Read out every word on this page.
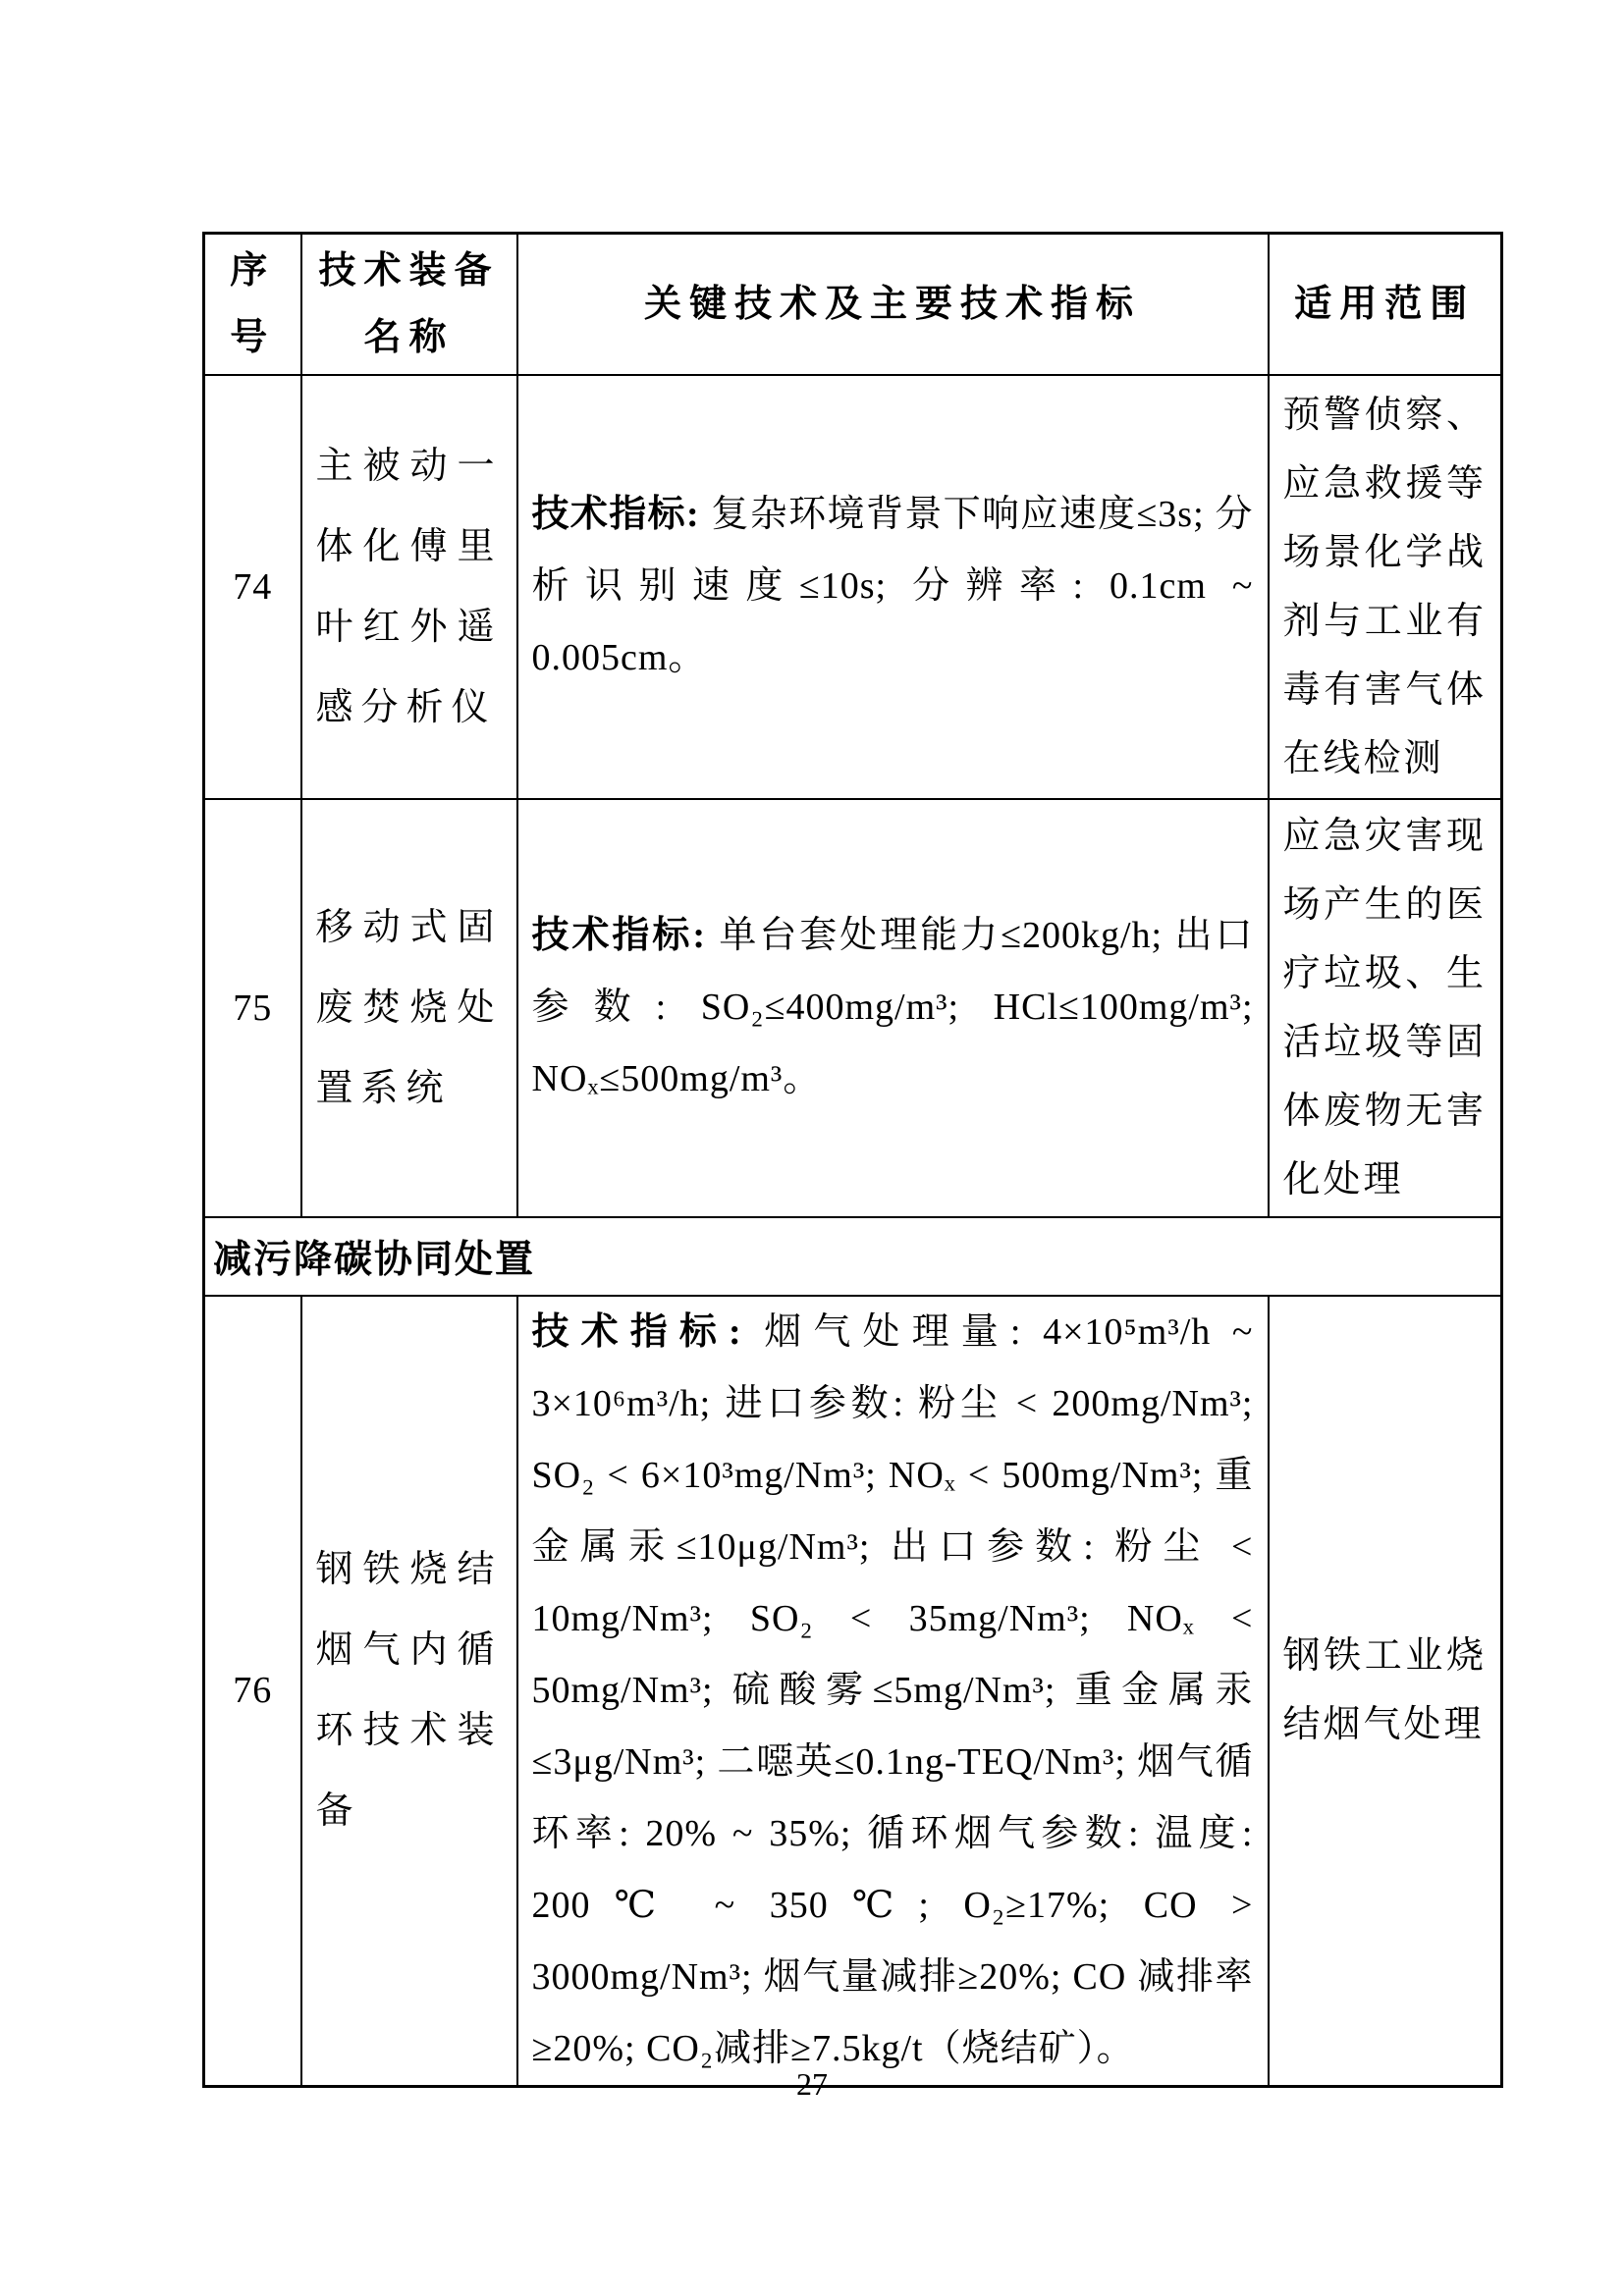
序号	技术装备名称	关键技术及主要技术指标	适用范围

74	主被动一体化傅里叶红外遥感分析仪	技术指标: 复杂环境背景下响应速度≤3s; 分析识别速度≤10s; 分辨率: 0.1cm ~ 0.005cm。	预警侦察、应急救援等场景化学战剂与工业有毒有害气体在线检测

75	移动式固废焚烧处置系统	技术指标: 单台套处理能力≤200kg/h; 出口参数: SO₂≤400mg/m³; HCl≤100mg/m³; NOₓ≤500mg/m³。	应急灾害现场产生的医疗垃圾、生活垃圾等固体废物无害化处理

减污降碳协同处置			
76	钢铁烧结烟气内循环技术装备	技术指标: 烟气处理量: 4×10⁵m³/h ~ 3×10⁶m³/h; 进口参数: 粉尘 < 200mg/Nm³; SO₂ < 6×10³mg/Nm³; NOₓ < 500mg/Nm³; 重金属汞≤10μg/Nm³; 出口参数: 粉尘 < 10mg/Nm³; SO₂ < 35mg/Nm³; NOₓ < 50mg/Nm³; 硫酸雾≤5mg/Nm³; 重金属汞≤3μg/Nm³; 二噁英≤0.1ng-TEQ/Nm³; 烟气循环率: 20% ~ 35%; 循环烟气参数: 温度: 200℃ ~ 350℃; O₂≥17%; CO > 3000mg/Nm³; 烟气量减排≥20%; CO 减排率≥20%; CO₂减排≥7.5kg/t（烧结矿）。	钢铁工业烧结烟气处理
27
